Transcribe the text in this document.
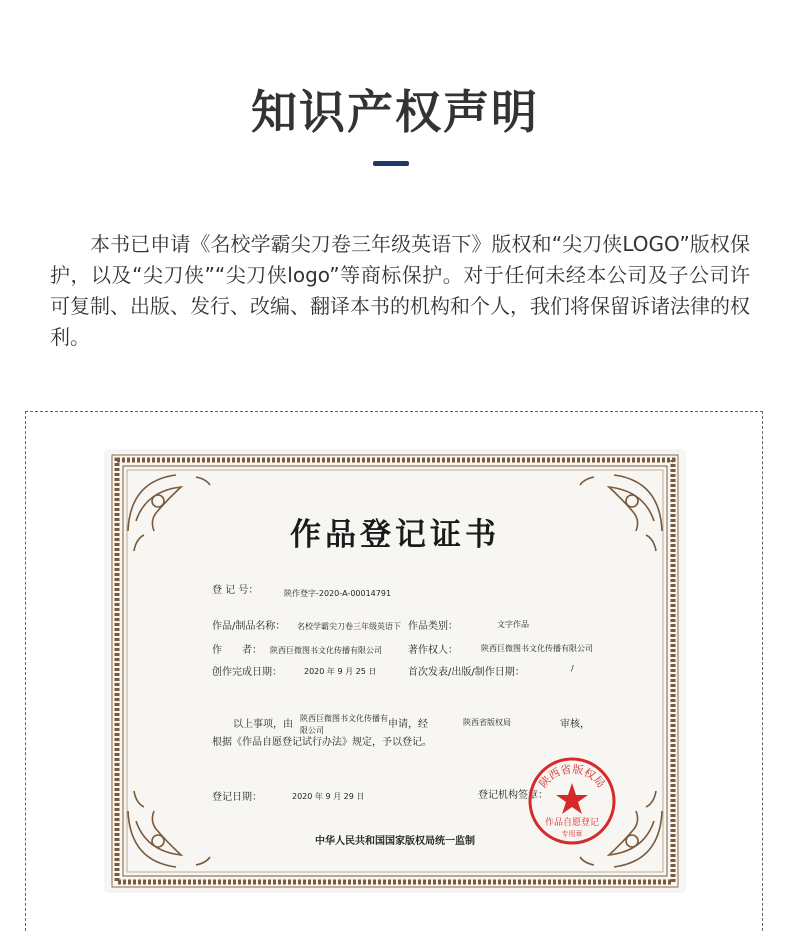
知识产权声明

本书已申请《名校学霸尖刀卷三年级英语下》版权和“尖刀侠LOGO”版权保护，以及“尖刀侠”“尖刀侠logo”等商标保护。对于任何未经本公司及子公司许可复制、出版、发行、改编、翻译本书的机构和个人，我们将保留诉诸法律的权利。

作品登记证书
登 记 号：	陕作登字-2020-A-00014791
作品/制品名称： 名校学霸尖刀卷三年级英语下 作品类别：	文字作品
作　　者： 陕西巨微图书文化传播有限公司	著作权人：	陕西巨微图书文化传播有限公司
创作完成日期：	2020 年 9 月 25 日	首次发表/出版/制作日期：	/
以上事项，由
陕西巨微图书文化传播有限公司
申请，经	陕西省版权局	审核，
根据《作品自愿登记试行办法》规定，予以登记。
登记日期：	2020 年 9 月 29 日	登记机构签章：
陕西省版权局
作品自愿登记
专用章
中华人民共和国国家版权局统一监制
